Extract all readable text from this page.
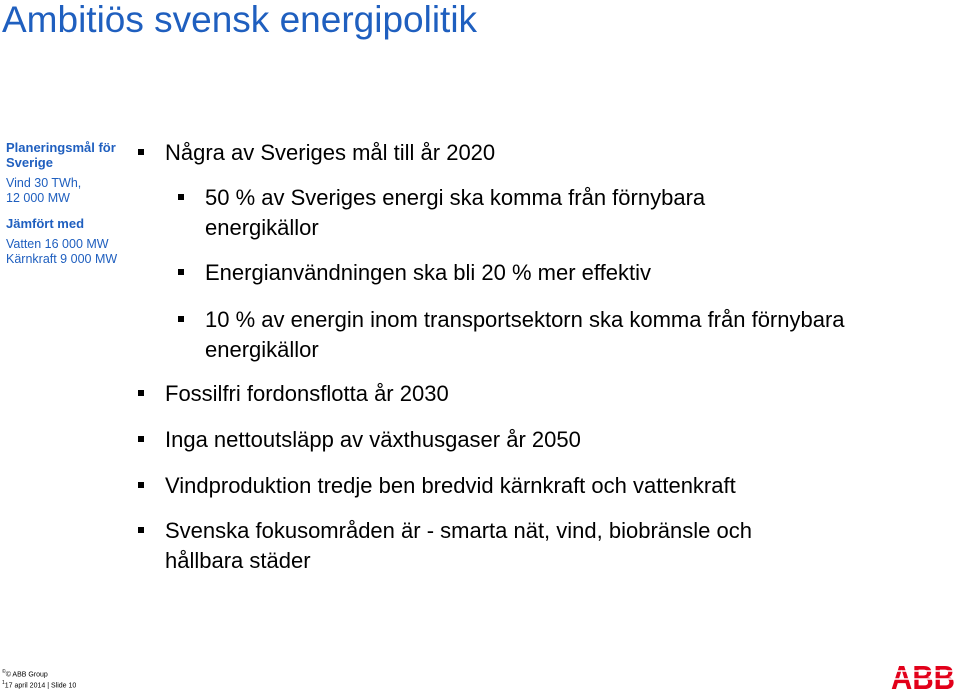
Ambitiös svensk energipolitik
Planeringsmål för Sverige
Vind 30 TWh,
12 000 MW
Jämfört med
Vatten 16 000 MW
Kärnkraft 9 000 MW
Några av Sveriges mål till år 2020
50 % av Sveriges energi ska komma från förnybara energikällor
Energianvändningen ska bli 20 % mer effektiv
10 % av energin inom transportsektorn ska komma från förnybara energikällor
Fossilfri fordonsflotta år 2030
Inga nettoutsläpp av växthusgaser år 2050
Vindproduktion tredje ben bredvid kärnkraft och vattenkraft
Svenska fokusområden är - smarta nät, vind, biobränsle och hållbara städer
©© ABB Group
$^1$17 april 2014 | Slide 10	ABB
